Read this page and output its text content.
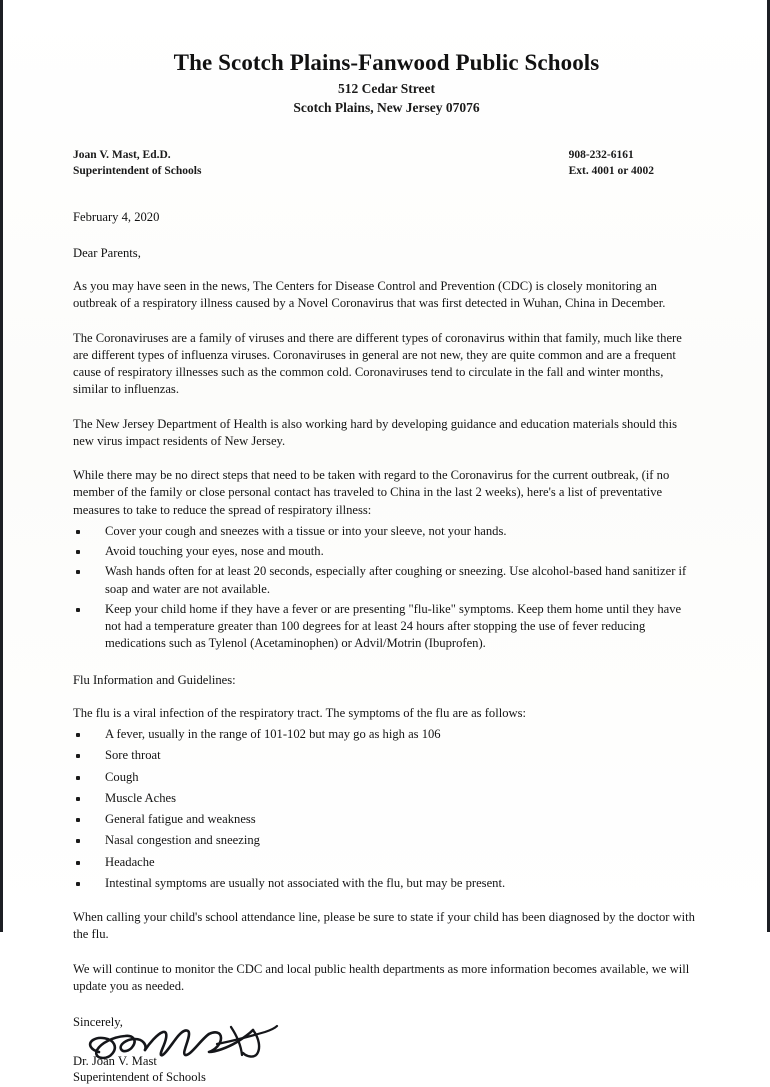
The Scotch Plains-Fanwood Public Schools
512 Cedar Street
Scotch Plains, New Jersey 07076
Joan V. Mast, Ed.D.
Superintendent of Schools
908-232-6161
Ext. 4001 or 4002
February 4, 2020
Dear Parents,

As you may have seen in the news, The Centers for Disease Control and Prevention (CDC) is closely monitoring an outbreak of a respiratory illness caused by a Novel Coronavirus that was first detected in Wuhan, China in December.

The Coronaviruses are a family of viruses and there are different types of coronavirus within that family, much like there are different types of influenza viruses. Coronaviruses in general are not new, they are quite common and are a frequent cause of respiratory illnesses such as the common cold. Coronaviruses tend to circulate in the fall and winter months, similar to influenzas.

The New Jersey Department of Health is also working hard by developing guidance and education materials should this new virus impact residents of New Jersey.

While there may be no direct steps that need to be taken with regard to the Coronavirus for the current outbreak, (if no member of the family or close personal contact has traveled to China in the last 2 weeks), here's a list of preventative measures to take to reduce the spread of respiratory illness:

Cover your cough and sneezes with a tissue or into your sleeve, not your hands.
Avoid touching your eyes, nose and mouth.
Wash hands often for at least 20 seconds, especially after coughing or sneezing. Use alcohol-based hand sanitizer if soap and water are not available.
Keep your child home if they have a fever or are presenting "flu-like" symptoms. Keep them home until they have not had a temperature greater than 100 degrees for at least 24 hours after stopping the use of fever reducing medications such as Tylenol (Acetaminophen) or Advil/Motrin (Ibuprofen).
Flu Information and Guidelines:

The flu is a viral infection of the respiratory tract. The symptoms of the flu are as follows:

A fever, usually in the range of 101-102 but may go as high as 106
Sore throat
Cough
Muscle Aches
General fatigue and weakness
Nasal congestion and sneezing
Headache
Intestinal symptoms are usually not associated with the flu, but may be present.

When calling your child's school attendance line, please be sure to state if your child has been diagnosed by the doctor with the flu.

We will continue to monitor the CDC and local public health departments as more information becomes available, we will update you as needed.

Sincerely,
Dr. Joan V. Mast
Superintendent of Schools
